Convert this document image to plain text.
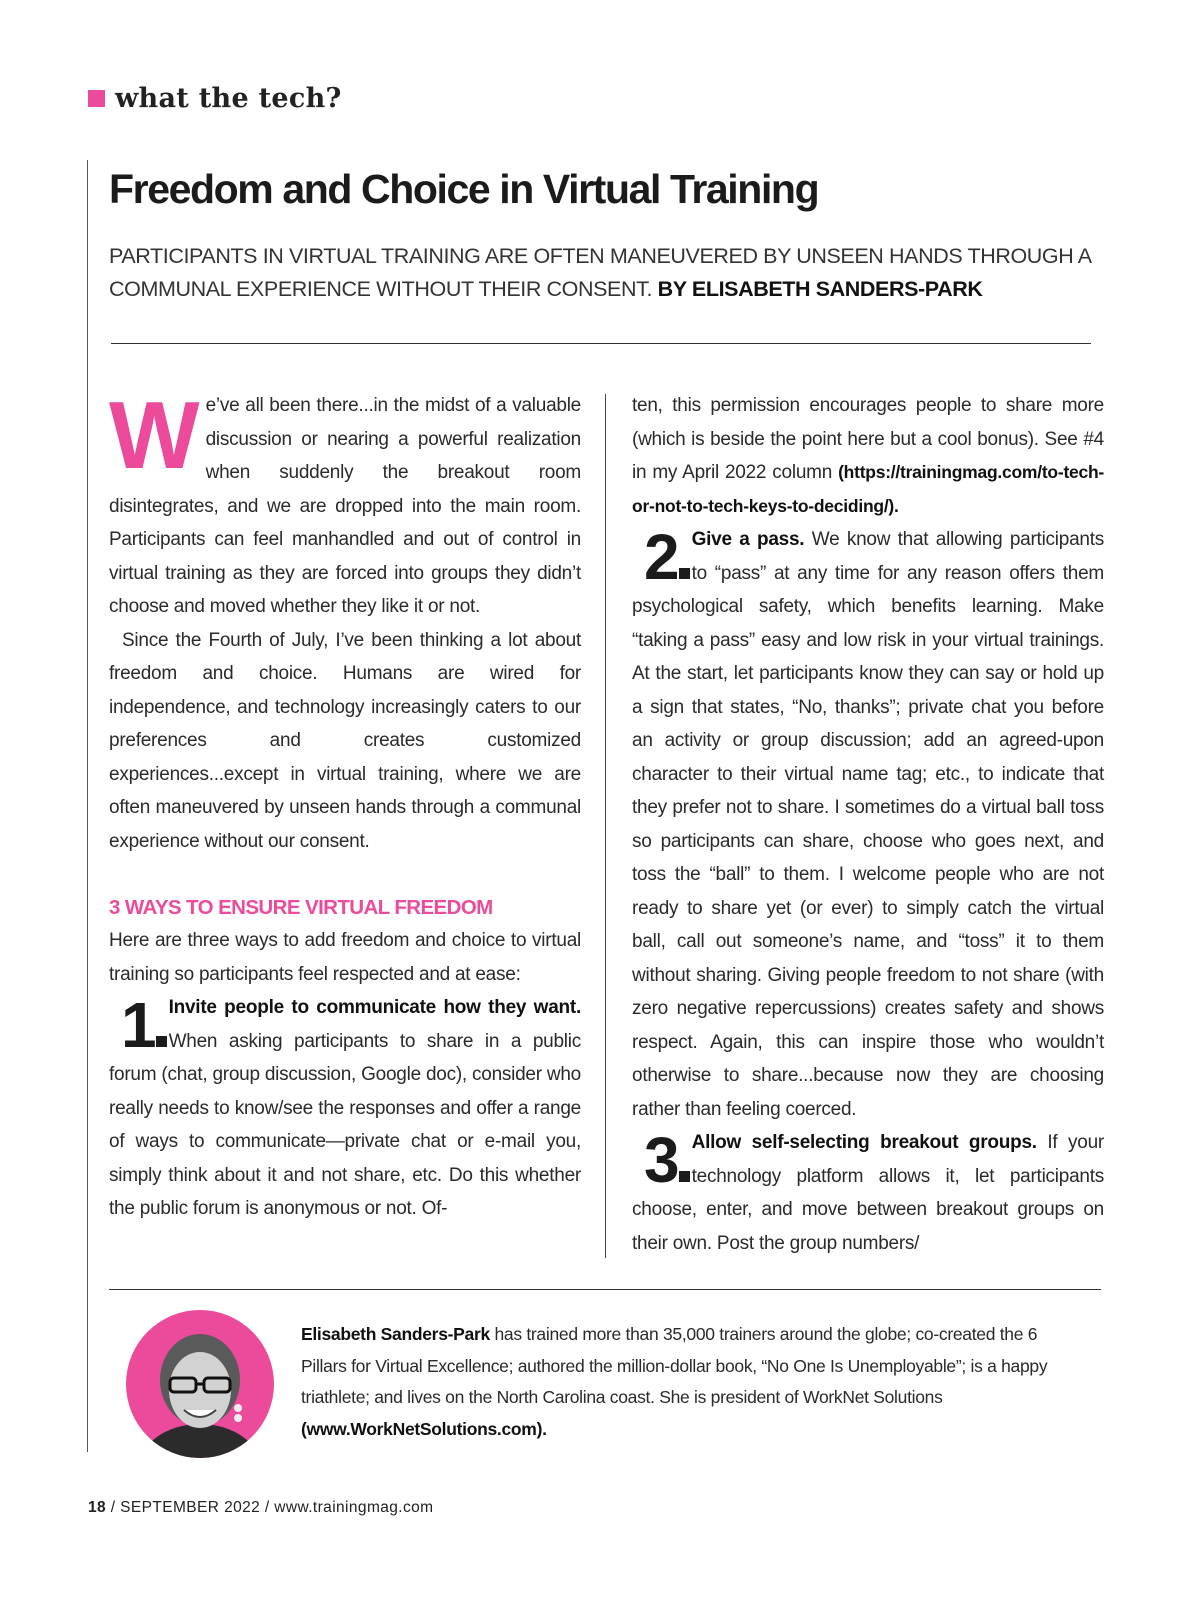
what the tech?
Freedom and Choice in Virtual Training

PARTICIPANTS IN VIRTUAL TRAINING ARE OFTEN MANEUVERED BY UNSEEN HANDS THROUGH A COMMUNAL EXPERIENCE WITHOUT THEIR CONSENT. BY ELISABETH SANDERS-PARK

We’ve all been there...in the midst of a valuable discussion or nearing a powerful realization when suddenly the breakout room disintegrates, and we are dropped into the main room. Participants can feel manhandled and out of control in virtual training as they are forced into groups they didn’t choose and moved whether they like it or not.

Since the Fourth of July, I’ve been thinking a lot about freedom and choice. Humans are wired for independence, and technology increasingly caters to our preferences and creates customized experiences...except in virtual training, where we are often maneuvered by unseen hands through a communal experience without our consent.

3 WAYS TO ENSURE VIRTUAL FREEDOM

Here are three ways to add freedom and choice to virtual training so participants feel respected and at ease:

1 Invite people to communicate how they want. When asking participants to share in a public forum (chat, group discussion, Google doc), consider who really needs to know/see the responses and offer a range of ways to communicate—private chat or e-mail you, simply think about it and not share, etc. Do this whether the public forum is anonymous or not. Of-

ten, this permission encourages people to share more (which is beside the point here but a cool bonus). See #4 in my April 2022 column (https://trainingmag.com/to-tech-or-not-to-tech-keys-to-deciding/).

2 Give a pass. We know that allowing participants to “pass” at any time for any reason offers them psychological safety, which benefits learning. Make “taking a pass” easy and low risk in your virtual trainings. At the start, let participants know they can say or hold up a sign that states, “No, thanks”; private chat you before an activity or group discussion; add an agreed-upon character to their virtual name tag; etc., to indicate that they prefer not to share. I sometimes do a virtual ball toss so participants can share, choose who goes next, and toss the “ball” to them. I welcome people who are not ready to share yet (or ever) to simply catch the virtual ball, call out someone’s name, and “toss” it to them without sharing. Giving people freedom to not share (with zero negative repercussions) creates safety and shows respect. Again, this can inspire those who wouldn’t otherwise to share...because now they are choosing rather than feeling coerced.

3 Allow self-selecting breakout groups. If your technology platform allows it, let participants choose, enter, and move between breakout groups on their own. Post the group numbers/

Elisabeth Sanders-Park has trained more than 35,000 trainers around the globe; co-created the 6 Pillars for Virtual Excellence; authored the million-dollar book, “No One Is Unemployable”; is a happy triathlete; and lives on the North Carolina coast. She is president of WorkNet Solutions (www.WorkNetSolutions.com).

18 / SEPTEMBER 2022 / www.trainingmag.com
